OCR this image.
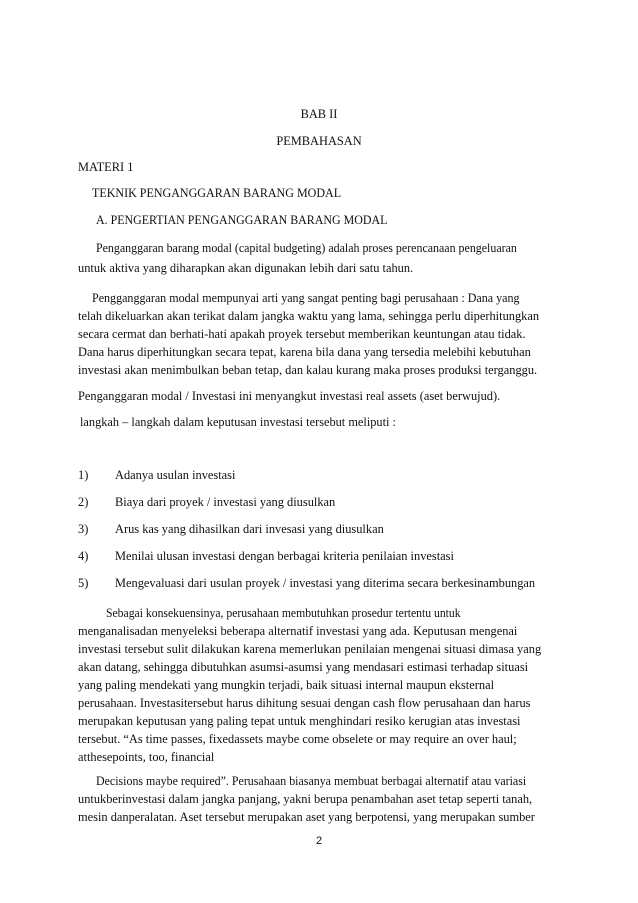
BAB II
PEMBAHASAN
MATERI 1
TEKNIK PENGANGGARAN BARANG MODAL
A. PENGERTIAN PENGANGGARAN BARANG MODAL
Penganggaran barang modal (capital budgeting) adalah proses perencanaan pengeluaran
untuk aktiva yang diharapkan akan digunakan lebih dari satu tahun.
Pengganggaran modal mempunyai arti yang sangat penting bagi perusahaan : Dana yang
telah dikeluarkan akan terikat dalam jangka waktu yang lama, sehingga perlu diperhitungkan
secara cermat dan berhati-hati apakah proyek tersebut memberikan keuntungan atau tidak.
Dana harus diperhitungkan secara tepat, karena bila dana yang tersedia melebihi kebutuhan
investasi akan menimbulkan beban tetap, dan kalau kurang maka proses produksi terganggu.
Penganggaran modal / Investasi ini menyangkut investasi real assets (aset berwujud).
langkah – langkah dalam keputusan investasi tersebut meliputi :
1) Adanya usulan investasi
2) Biaya dari proyek / investasi yang diusulkan
3) Arus kas yang dihasilkan dari invesasi yang diusulkan
4) Menilai ulusan investasi dengan berbagai kriteria penilaian investasi
5) Mengevaluasi dari usulan proyek / investasi yang diterima secara berkesinambungan
Sebagai konsekuensinya, perusahaan membutuhkan prosedur tertentu untuk
menganalisadan menyeleksi beberapa alternatif investasi yang ada. Keputusan mengenai
investasi tersebut sulit dilakukan karena memerlukan penilaian mengenai situasi dimasa yang
akan datang, sehingga dibutuhkan asumsi-asumsi yang mendasari estimasi terhadap situasi
yang paling mendekati yang mungkin terjadi, baik situasi internal maupun eksternal
perusahaan. Investasitersebut harus dihitung sesuai dengan cash flow perusahaan dan harus
merupakan keputusan yang paling tepat untuk menghindari resiko kerugian atas investasi
tersebut. “As time passes, fixedassets maybe come obselete or may require an over haul;
atthesepoints, too, financial
Decisions maybe required”. Perusahaan biasanya membuat berbagai alternatif atau variasi
untukberinvestasi dalam jangka panjang, yakni berupa penambahan aset tetap seperti tanah,
mesin danperalatan. Aset tersebut merupakan aset yang berpotensi, yang merupakan sumber
2
